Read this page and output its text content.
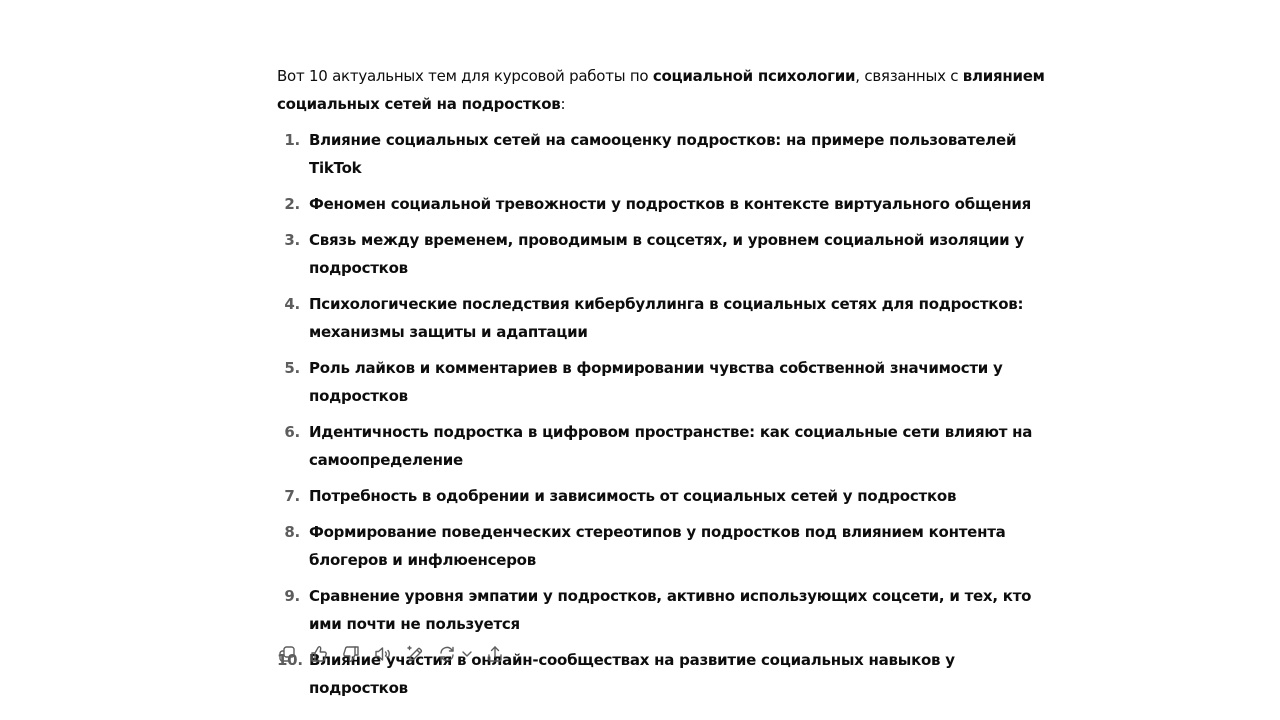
Вот 10 актуальных тем для курсовой работы по социальной психологии, связанных с влиянием социальных сетей на подростков:

1. Влияние социальных сетей на самооценку подростков: на примере пользователей TikTok
2. Феномен социальной тревожности у подростков в контексте виртуального общения
3. Связь между временем, проводимым в соцсетях, и уровнем социальной изоляции у подростков
4. Психологические последствия кибербуллинга в социальных сетях для подростков: механизмы защиты и адаптации
5. Роль лайков и комментариев в формировании чувства собственной значимости у подростков
6. Идентичность подростка в цифровом пространстве: как социальные сети влияют на самоопределение
7. Потребность в одобрении и зависимость от социальных сетей у подростков
8. Формирование поведенческих стереотипов у подростков под влиянием контента блогеров и инфлюенсеров
9. Сравнение уровня эмпатии у подростков, активно использующих соцсети, и тех, кто ими почти не пользуется
10. Влияние участия в онлайн-сообществах на развитие социальных навыков у подростков
